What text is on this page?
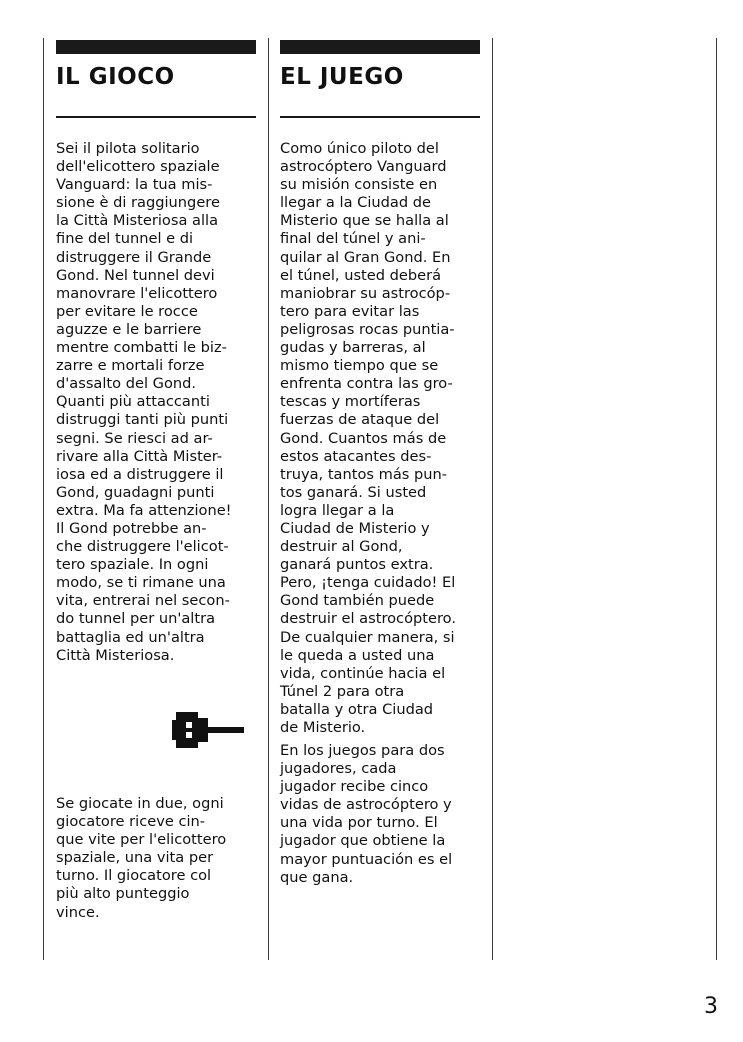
IL GIOCO

Sei il pilota solitario
dell'elicottero spaziale
Vanguard: la tua mis-
sione è di raggiungere
la Città Misteriosa alla
fine del tunnel e di
distruggere il Grande
Gond. Nel tunnel devi
manovrare l'elicottero
per evitare le rocce
aguzze e le barriere
mentre combatti le biz-
zarre e mortali forze
d'assalto del Gond.
Quanti più attaccanti
distruggi tanti più punti
segni. Se riesci ad ar-
rivare alla Città Mister-
iosa ed a distruggere il
Gond, guadagni punti
extra. Ma fa attenzione!
Il Gond potrebbe an-
che distruggere l'elicot-
tero spaziale. In ogni
modo, se ti rimane una
vita, entrerai nel secon-
do tunnel per un'altra
battaglia ed un'altra
Città Misteriosa.

Se giocate in due, ogni
giocatore riceve cin-
que vite per l'elicottero
spaziale, una vita per
turno. Il giocatore col
più alto punteggio
vince.

EL JUEGO

Como único piloto del
astrocóptero Vanguard
su misión consiste en
llegar a la Ciudad de
Misterio que se halla al
final del túnel y ani-
quilar al Gran Gond. En
el túnel, usted deberá
maniobrar su astrocóp-
tero para evitar las
peligrosas rocas puntia-
gudas y barreras, al
mismo tiempo que se
enfrenta contra las gro-
tescas y mortíferas
fuerzas de ataque del
Gond. Cuantos más de
estos atacantes des-
truya, tantos más pun-
tos ganará. Si usted
logra llegar a la
Ciudad de Misterio y
destruir al Gond,
ganará puntos extra.
Pero, ¡tenga cuidado! El
Gond también puede
destruir el astrocóptero.
De cualquier manera, si
le queda a usted una
vida, continúe hacia el
Túnel 2 para otra
batalla y otra Ciudad
de Misterio.

En los juegos para dos
jugadores, cada
jugador recibe cinco
vidas de astrocóptero y
una vida por turno. El
jugador que obtiene la
mayor puntuación es el
que gana.

3
